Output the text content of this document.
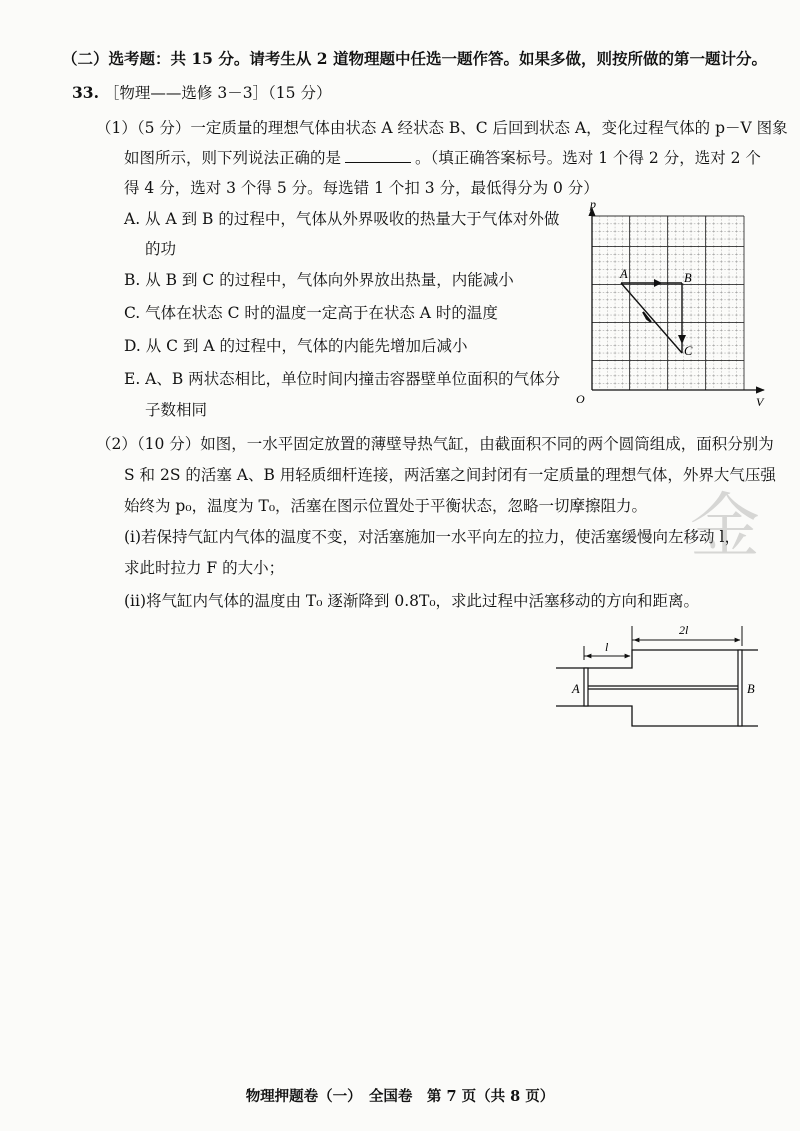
（二）选考题：共 15 分。请考生从 2 道物理题中任选一题作答。如果多做，则按所做的第一题计分。
33. ［物理——选修 3－3］（15 分）
（1）（5 分）一定质量的理想气体由状态 A 经状态 B、C 后回到状态 A，变化过程气体的 p－V 图象
如图所示，则下列说法正确的是	。（填正确答案标号。选对 1 个得 2 分，选对 2 个
得 4 分，选对 3 个得 5 分。每选错 1 个扣 3 分，最低得分为 0 分）
A. 从 A 到 B 的过程中，气体从外界吸收的热量大于气体对外做
的功
B. 从 B 到 C 的过程中，气体向外界放出热量，内能减小
C. 气体在状态 C 时的温度一定高于在状态 A 时的温度
D. 从 C 到 A 的过程中，气体的内能先增加后减小
E. A、B 两状态相比，单位时间内撞击容器壁单位面积的气体分
子数相同
p
V
O
A	B
C
（2）（10 分）如图，一水平固定放置的薄壁导热气缸，由截面积不同的两个圆筒组成，面积分别为
S 和 2S 的活塞 A、B 用轻质细杆连接，两活塞之间封闭有一定质量的理想气体，外界大气压强
始终为 p₀，温度为 T₀，活塞在图示位置处于平衡状态，忽略一切摩擦阻力。
(i)若保持气缸内气体的温度不变，对活塞施加一水平向左的拉力，使活塞缓慢向左移动 l，
求此时拉力 F 的大小；
(ii)将气缸内气体的温度由 T₀ 逐渐降到 0.8T₀，求此过程中活塞移动的方向和距离。
金
2l
l
A	B
物理押题卷（一）　全国卷　第 7 页（共 8 页）
